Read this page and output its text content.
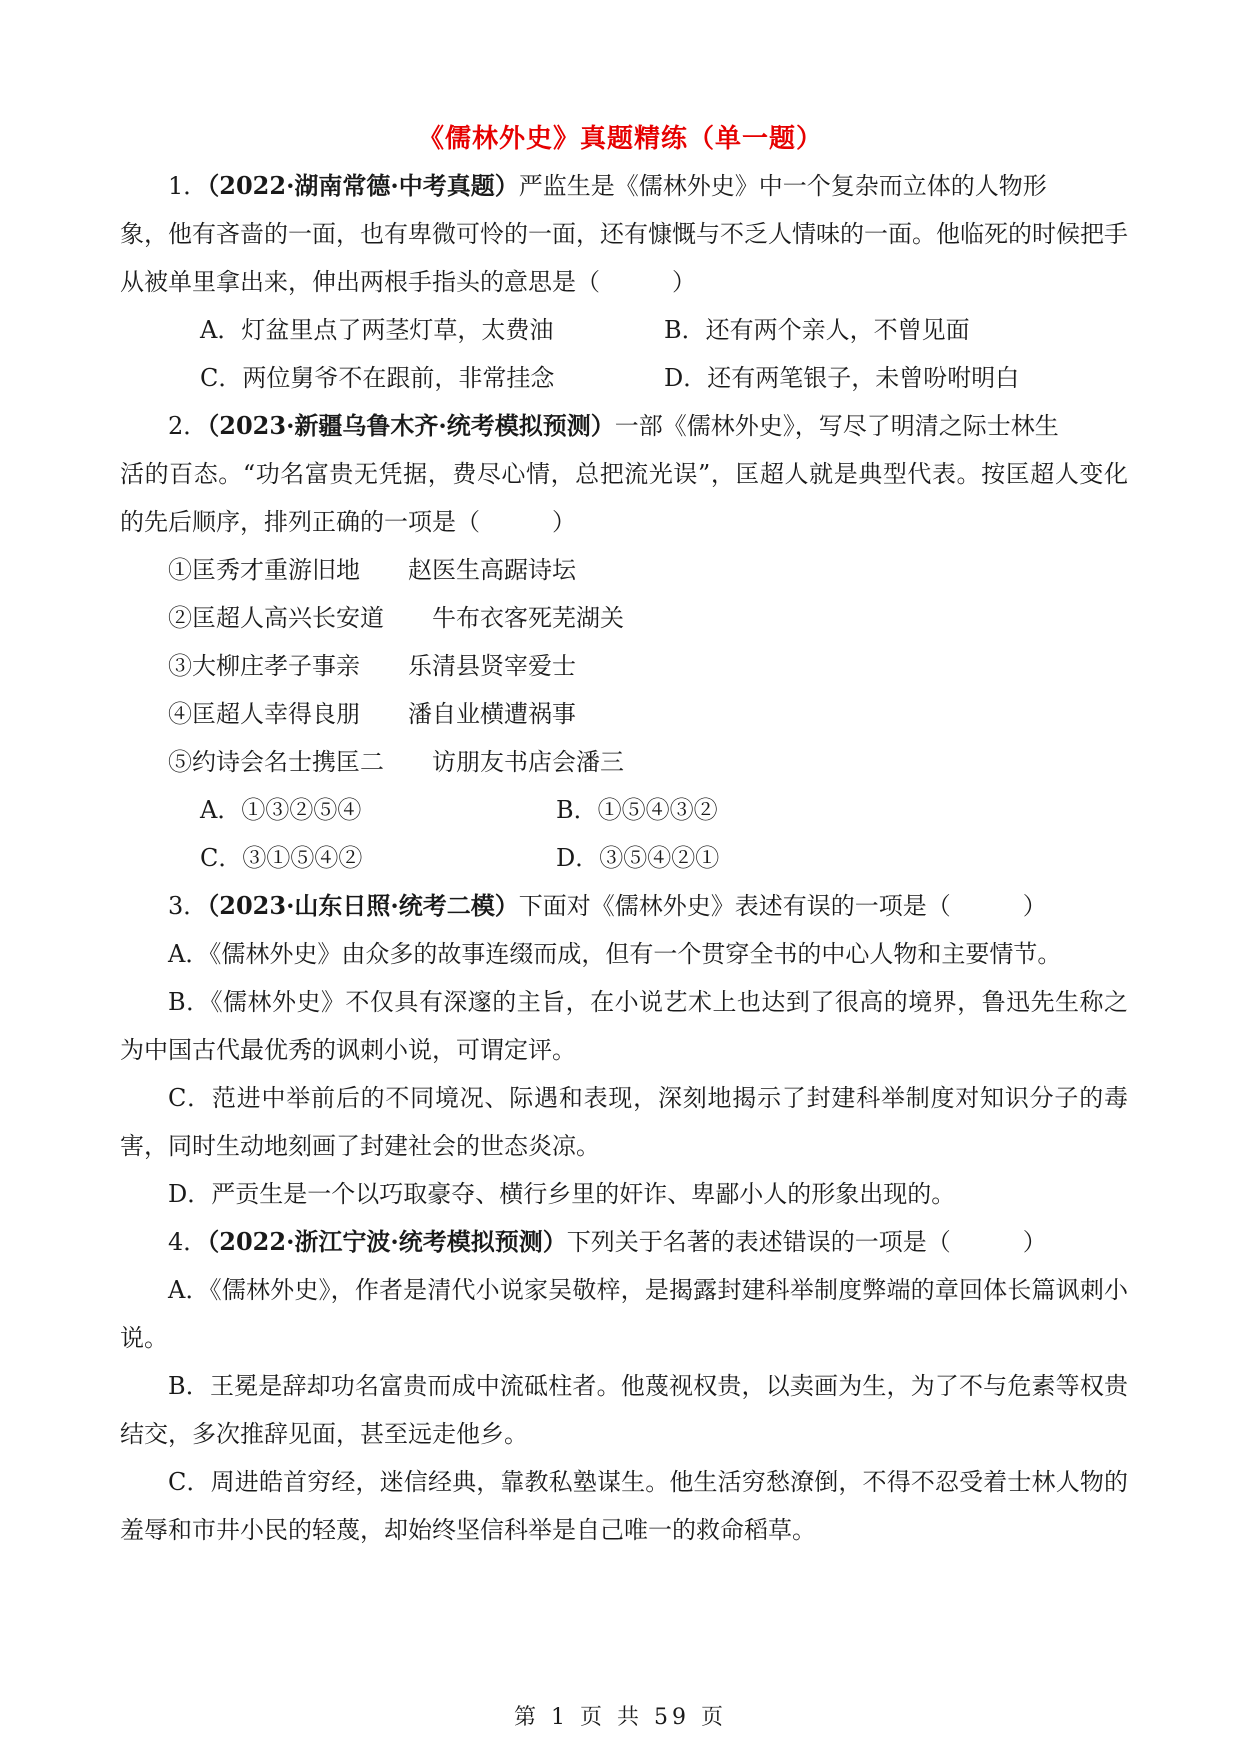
《儒林外史》真题精练（单一题）

1．（2022·湖南常德·中考真题）严监生是《儒林外史》中一个复杂而立体的人物形

象，他有吝啬的一面，也有卑微可怜的一面，还有慷慨与不乏人情味的一面。他临死的时候把手从被单里拿出来，伸出两根手指头的意思是（　　　）

A．灯盆里点了两茎灯草，太费油	B．还有两个亲人，不曾见面
C．两位舅爷不在跟前，非常挂念	D．还有两笔银子，未曾吩咐明白

2．（2023·新疆乌鲁木齐·统考模拟预测）一部《儒林外史》，写尽了明清之际士林生

活的百态。“功名富贵无凭据，费尽心情，总把流光误”，匡超人就是典型代表。按匡超人变化的先后顺序，排列正确的一项是（　　　）

①匡秀才重游旧地 赵医生高踞诗坛
②匡超人高兴长安道 牛布衣客死芜湖关
③大柳庄孝子事亲 乐清县贤宰爱士
④匡超人幸得良朋 潘自业横遭祸事
⑤约诗会名士携匡二 访朋友书店会潘三
A．①③②⑤④	B．①⑤④③②
C．③①⑤④②	D．③⑤④②①

3．（2023·山东日照·统考二模）下面对《儒林外史》表述有误的一项是（　　　）

A．《儒林外史》由众多的故事连缀而成，但有一个贯穿全书的中心人物和主要情节。

B．《儒林外史》不仅具有深邃的主旨，在小说艺术上也达到了很高的境界，鲁迅先生称之为中国古代最优秀的讽刺小说，可谓定评。

C．范进中举前后的不同境况、际遇和表现，深刻地揭示了封建科举制度对知识分子的毒害，同时生动地刻画了封建社会的世态炎凉。

D．严贡生是一个以巧取豪夺、横行乡里的奸诈、卑鄙小人的形象出现的。

4．（2022·浙江宁波·统考模拟预测）下列关于名著的表述错误的一项是（　　　）

A．《儒林外史》，作者是清代小说家吴敬梓，是揭露封建科举制度弊端的章回体长篇讽刺小说。

B．王冕是辞却功名富贵而成中流砥柱者。他蔑视权贵，以卖画为生，为了不与危素等权贵结交，多次推辞见面，甚至远走他乡。

C．周进皓首穷经，迷信经典，靠教私塾谋生。他生活穷愁潦倒，不得不忍受着士林人物的羞辱和市井小民的轻蔑，却始终坚信科举是自己唯一的救命稻草。

第 1 页 共 59 页
